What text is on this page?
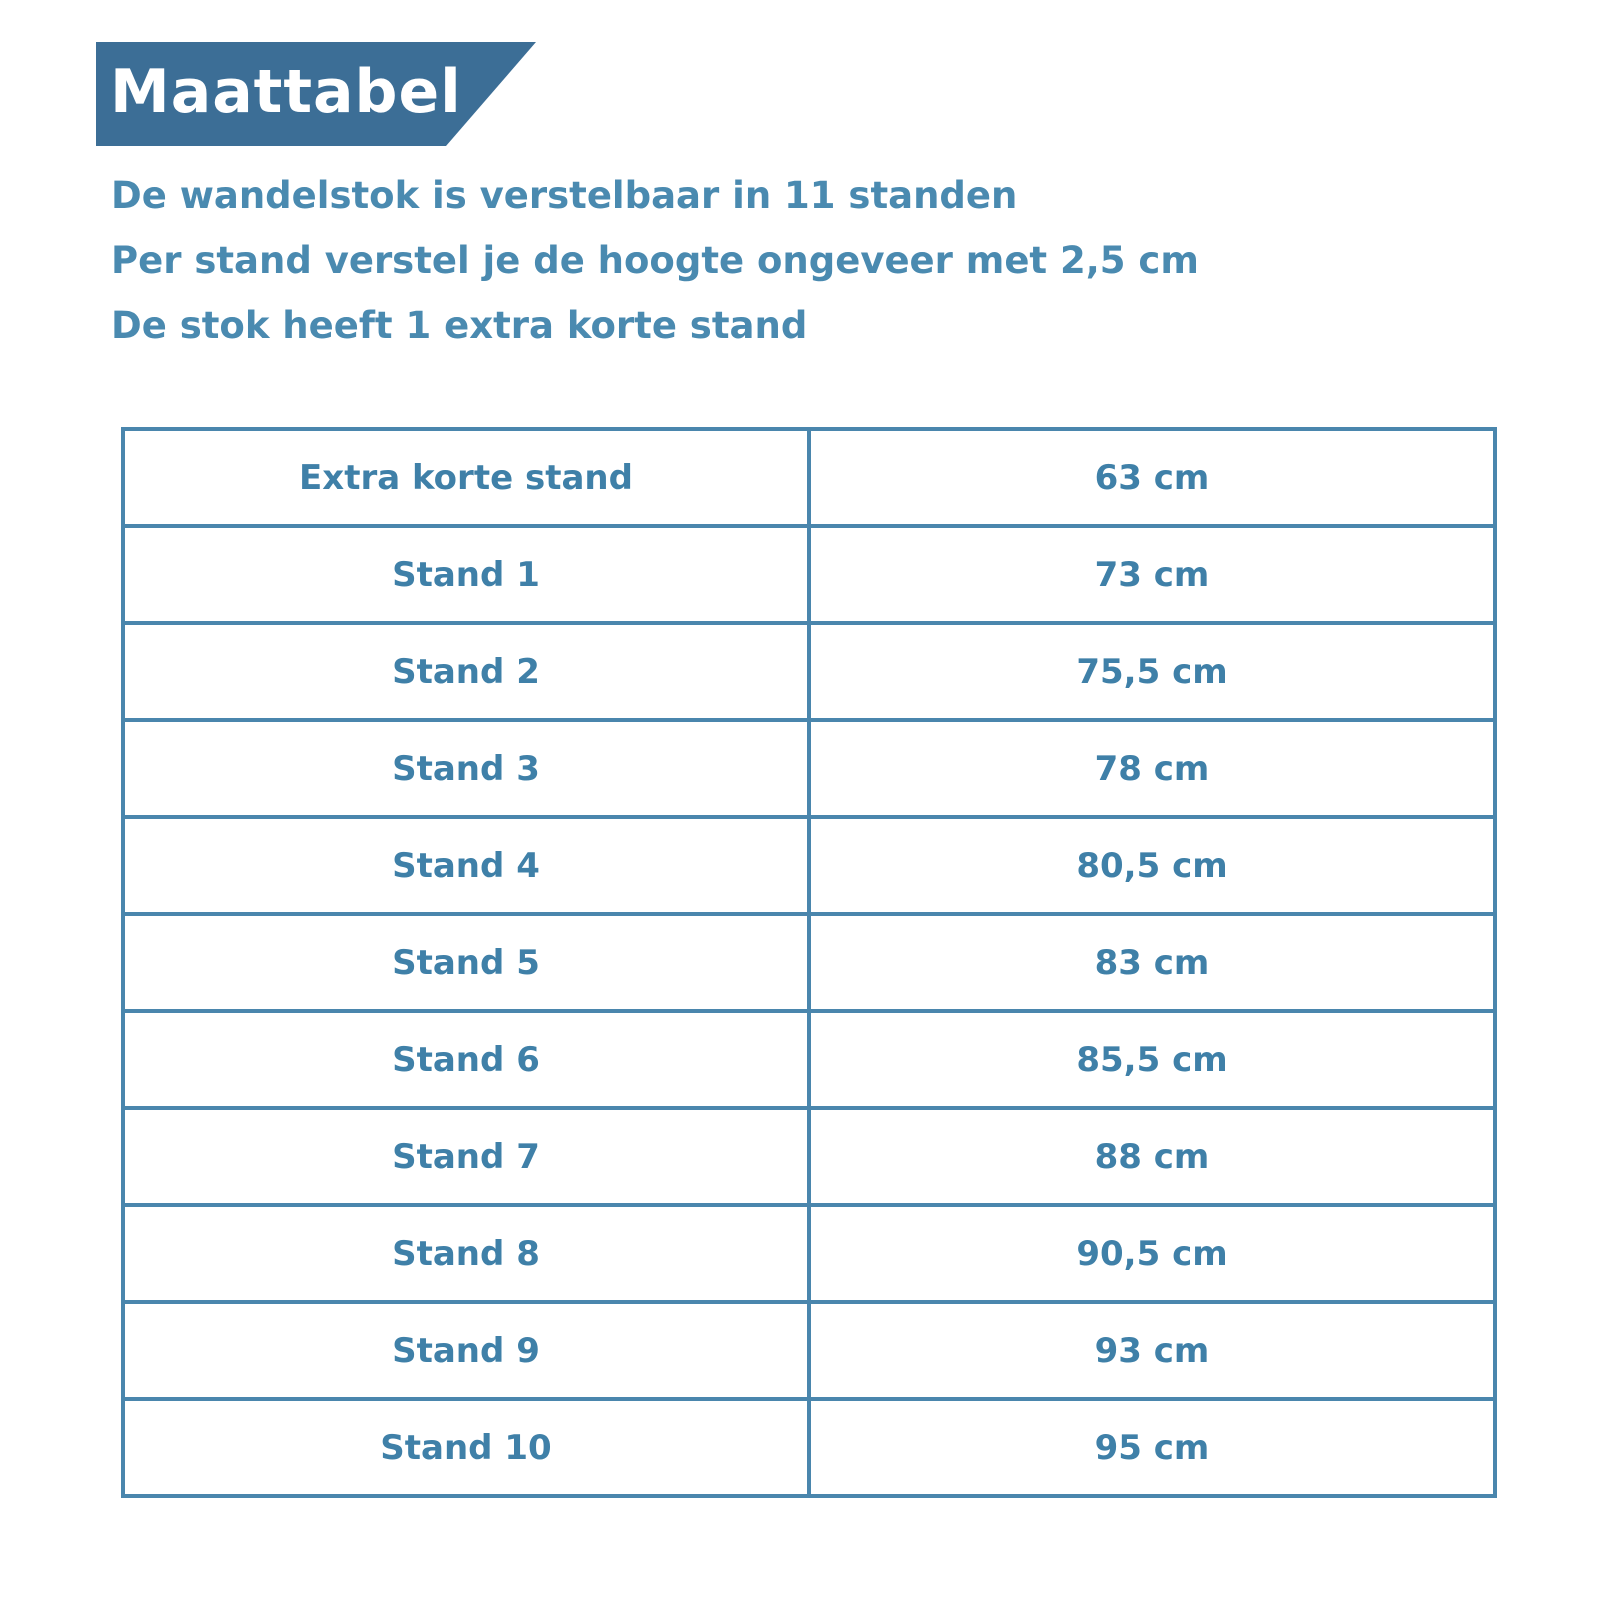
Maattabel
De wandelstok is verstelbaar in 11 standen
Per stand verstel je de hoogte ongeveer met 2,5 cm
De stok heeft 1 extra korte stand
Extra korte stand	63 cm
Stand 1	73 cm
Stand 2	75,5 cm
Stand 3	78 cm
Stand 4	80,5 cm
Stand 5	83 cm
Stand 6	85,5 cm
Stand 7	88 cm
Stand 8	90,5 cm
Stand 9	93 cm
Stand 10	95 cm
